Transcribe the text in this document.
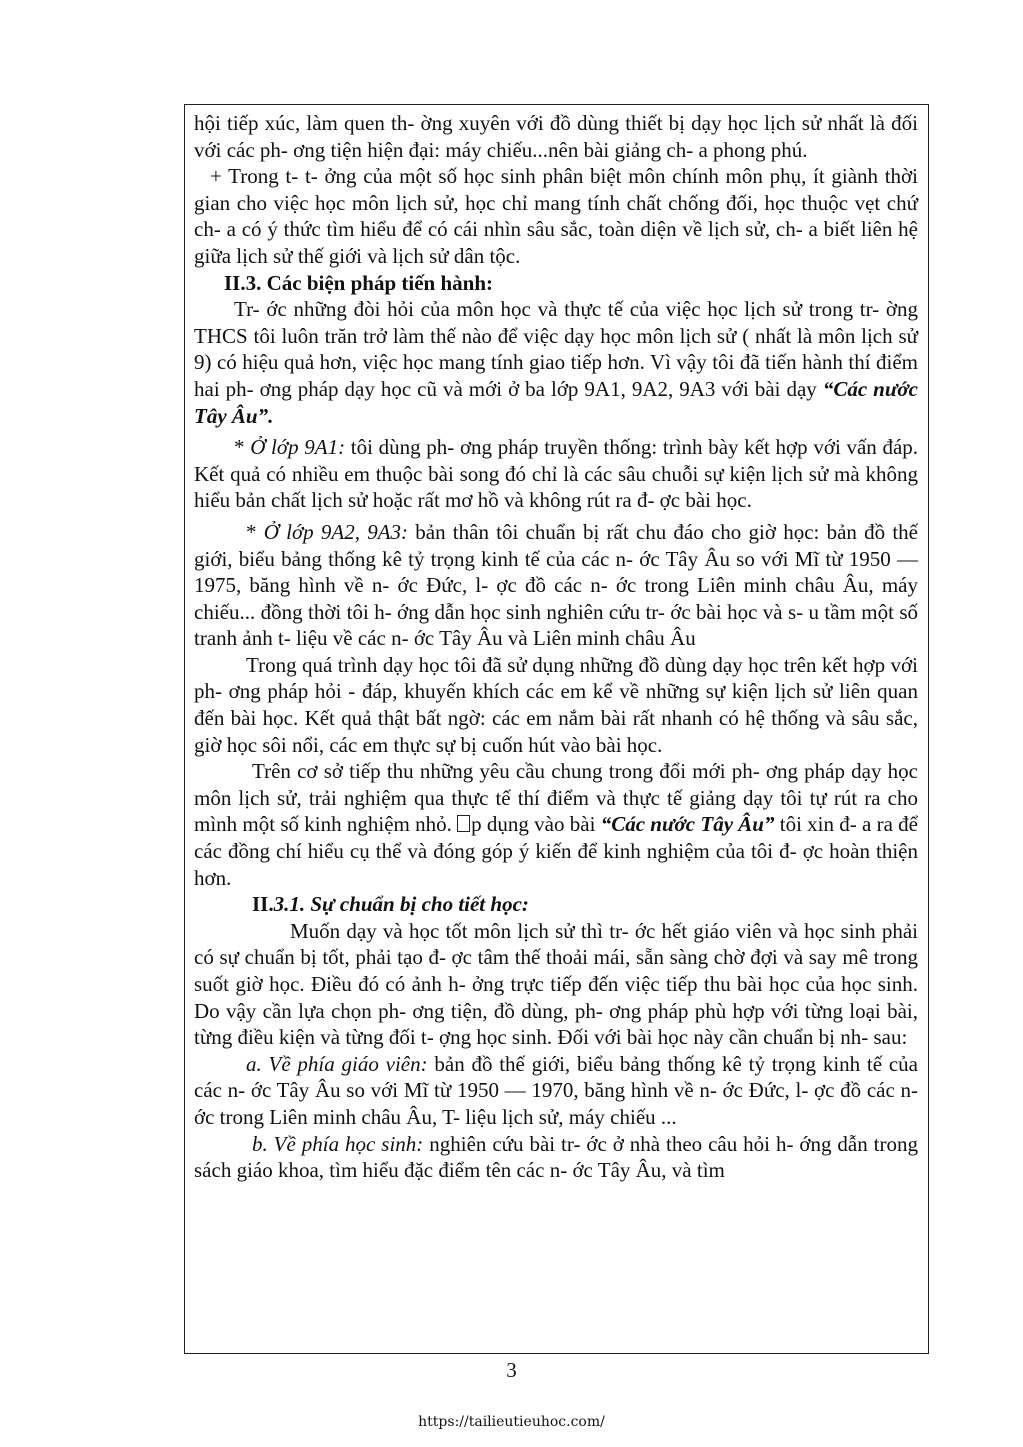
hội tiếp xúc, làm quen th- ờng xuyên với đồ dùng thiết bị dạy học lịch sử nhất là đối với các ph- ơng tiện hiện đại: máy chiếu...nên bài giảng ch- a phong phú.

+ Trong t- t- ởng của một số học sinh phân biệt môn chính môn phụ, ít giành thời gian cho việc học môn lịch sử, học chỉ mang tính chất chống đối, học thuộc vẹt chứ ch- a có ý thức tìm hiểu để có cái nhìn sâu sắc, toàn diện về lịch sử, ch- a biết liên hệ giữa lịch sử thế giới và lịch sử dân tộc.

II.3. Các biện pháp tiến hành:

Tr- ớc những đòi hỏi của môn học và thực tế của việc học lịch sử trong tr- ờng THCS tôi luôn trăn trở làm thế nào để việc dạy học môn lịch sử ( nhất là môn lịch sử 9) có hiệu quả hơn, việc học mang tính giao tiếp hơn. Vì vậy tôi đã tiến hành thí điểm hai ph- ơng pháp dạy học cũ và mới ở ba lớp 9A1, 9A2, 9A3 với bài dạy “Các nước Tây Âu”.

* Ở lớp 9A1: tôi dùng ph- ơng pháp truyền thống: trình bày kết hợp với vấn đáp. Kết quả có nhiều em thuộc bài song đó chỉ là các sâu chuỗi sự kiện lịch sử mà không hiểu bản chất lịch sử hoặc rất mơ hồ và không rút ra đ- ợc bài học.

* Ở lớp 9A2, 9A3: bản thân tôi chuẩn bị rất chu đáo cho giờ học: bản đồ thế giới, biểu bảng thống kê tỷ trọng kinh tế của các n- ớc Tây Âu so với Mĩ từ 1950 — 1975, băng hình về n- ớc Đức, l- ợc đồ các n- ớc trong Liên minh châu Âu, máy chiếu... đồng thời tôi h- ớng dẫn học sinh nghiên cứu tr- ớc bài học và s- u tầm một số tranh ảnh t- liệu về các n- ớc Tây Âu và Liên minh châu Âu

Trong quá trình dạy học tôi đã sử dụng những đồ dùng dạy học trên kết hợp với ph- ơng pháp hỏi - đáp, khuyến khích các em kể về những sự kiện lịch sử liên quan đến bài học. Kết quả thật bất ngờ: các em nắm bài rất nhanh có hệ thống và sâu sắc, giờ học sôi nổi, các em thực sự bị cuốn hút vào bài học.

Trên cơ sở tiếp thu những yêu cầu chung trong đổi mới ph- ơng pháp dạy học môn lịch sử, trải nghiệm qua thực tế thí điểm và thực tế giảng dạy tôi tự rút ra cho mình một số kinh nghiệm nhỏ. p dụng vào bài “Các nước Tây Âu” tôi xin đ- a ra để các đồng chí hiểu cụ thể và đóng góp ý kiến để kinh nghiệm của tôi đ- ợc hoàn thiện hơn.

II.3.1. Sự chuẩn bị cho tiết học:

Muốn dạy và học tốt môn lịch sử thì tr- ớc hết giáo viên và học sinh phải có sự chuẩn bị tốt, phải tạo đ- ợc tâm thế thoải mái, sẵn sàng chờ đợi và say mê trong suốt giờ học. Điều đó có ảnh h- ởng trực tiếp đến việc tiếp thu bài học của học sinh. Do vậy cần lựa chọn ph- ơng tiện, đồ dùng, ph- ơng pháp phù hợp với từng loại bài, từng điều kiện và từng đối t- ợng học sinh. Đối với bài học này cần chuẩn bị nh- sau:

a. Về phía giáo viên: bản đồ thế giới, biểu bảng thống kê tỷ trọng kinh tế của các n- ớc Tây Âu so với Mĩ từ 1950 — 1970, băng hình về n- ớc Đức, l- ợc đồ các n- ớc trong Liên minh châu Âu, T- liệu lịch sử, máy chiếu ...

b. Về phía học sinh: nghiên cứu bài tr- ớc ở nhà theo câu hỏi h- ớng dẫn trong sách giáo khoa, tìm hiểu đặc điểm tên các n- ớc Tây Âu, và tìm

3
https://tailieutieuhoc.com/
